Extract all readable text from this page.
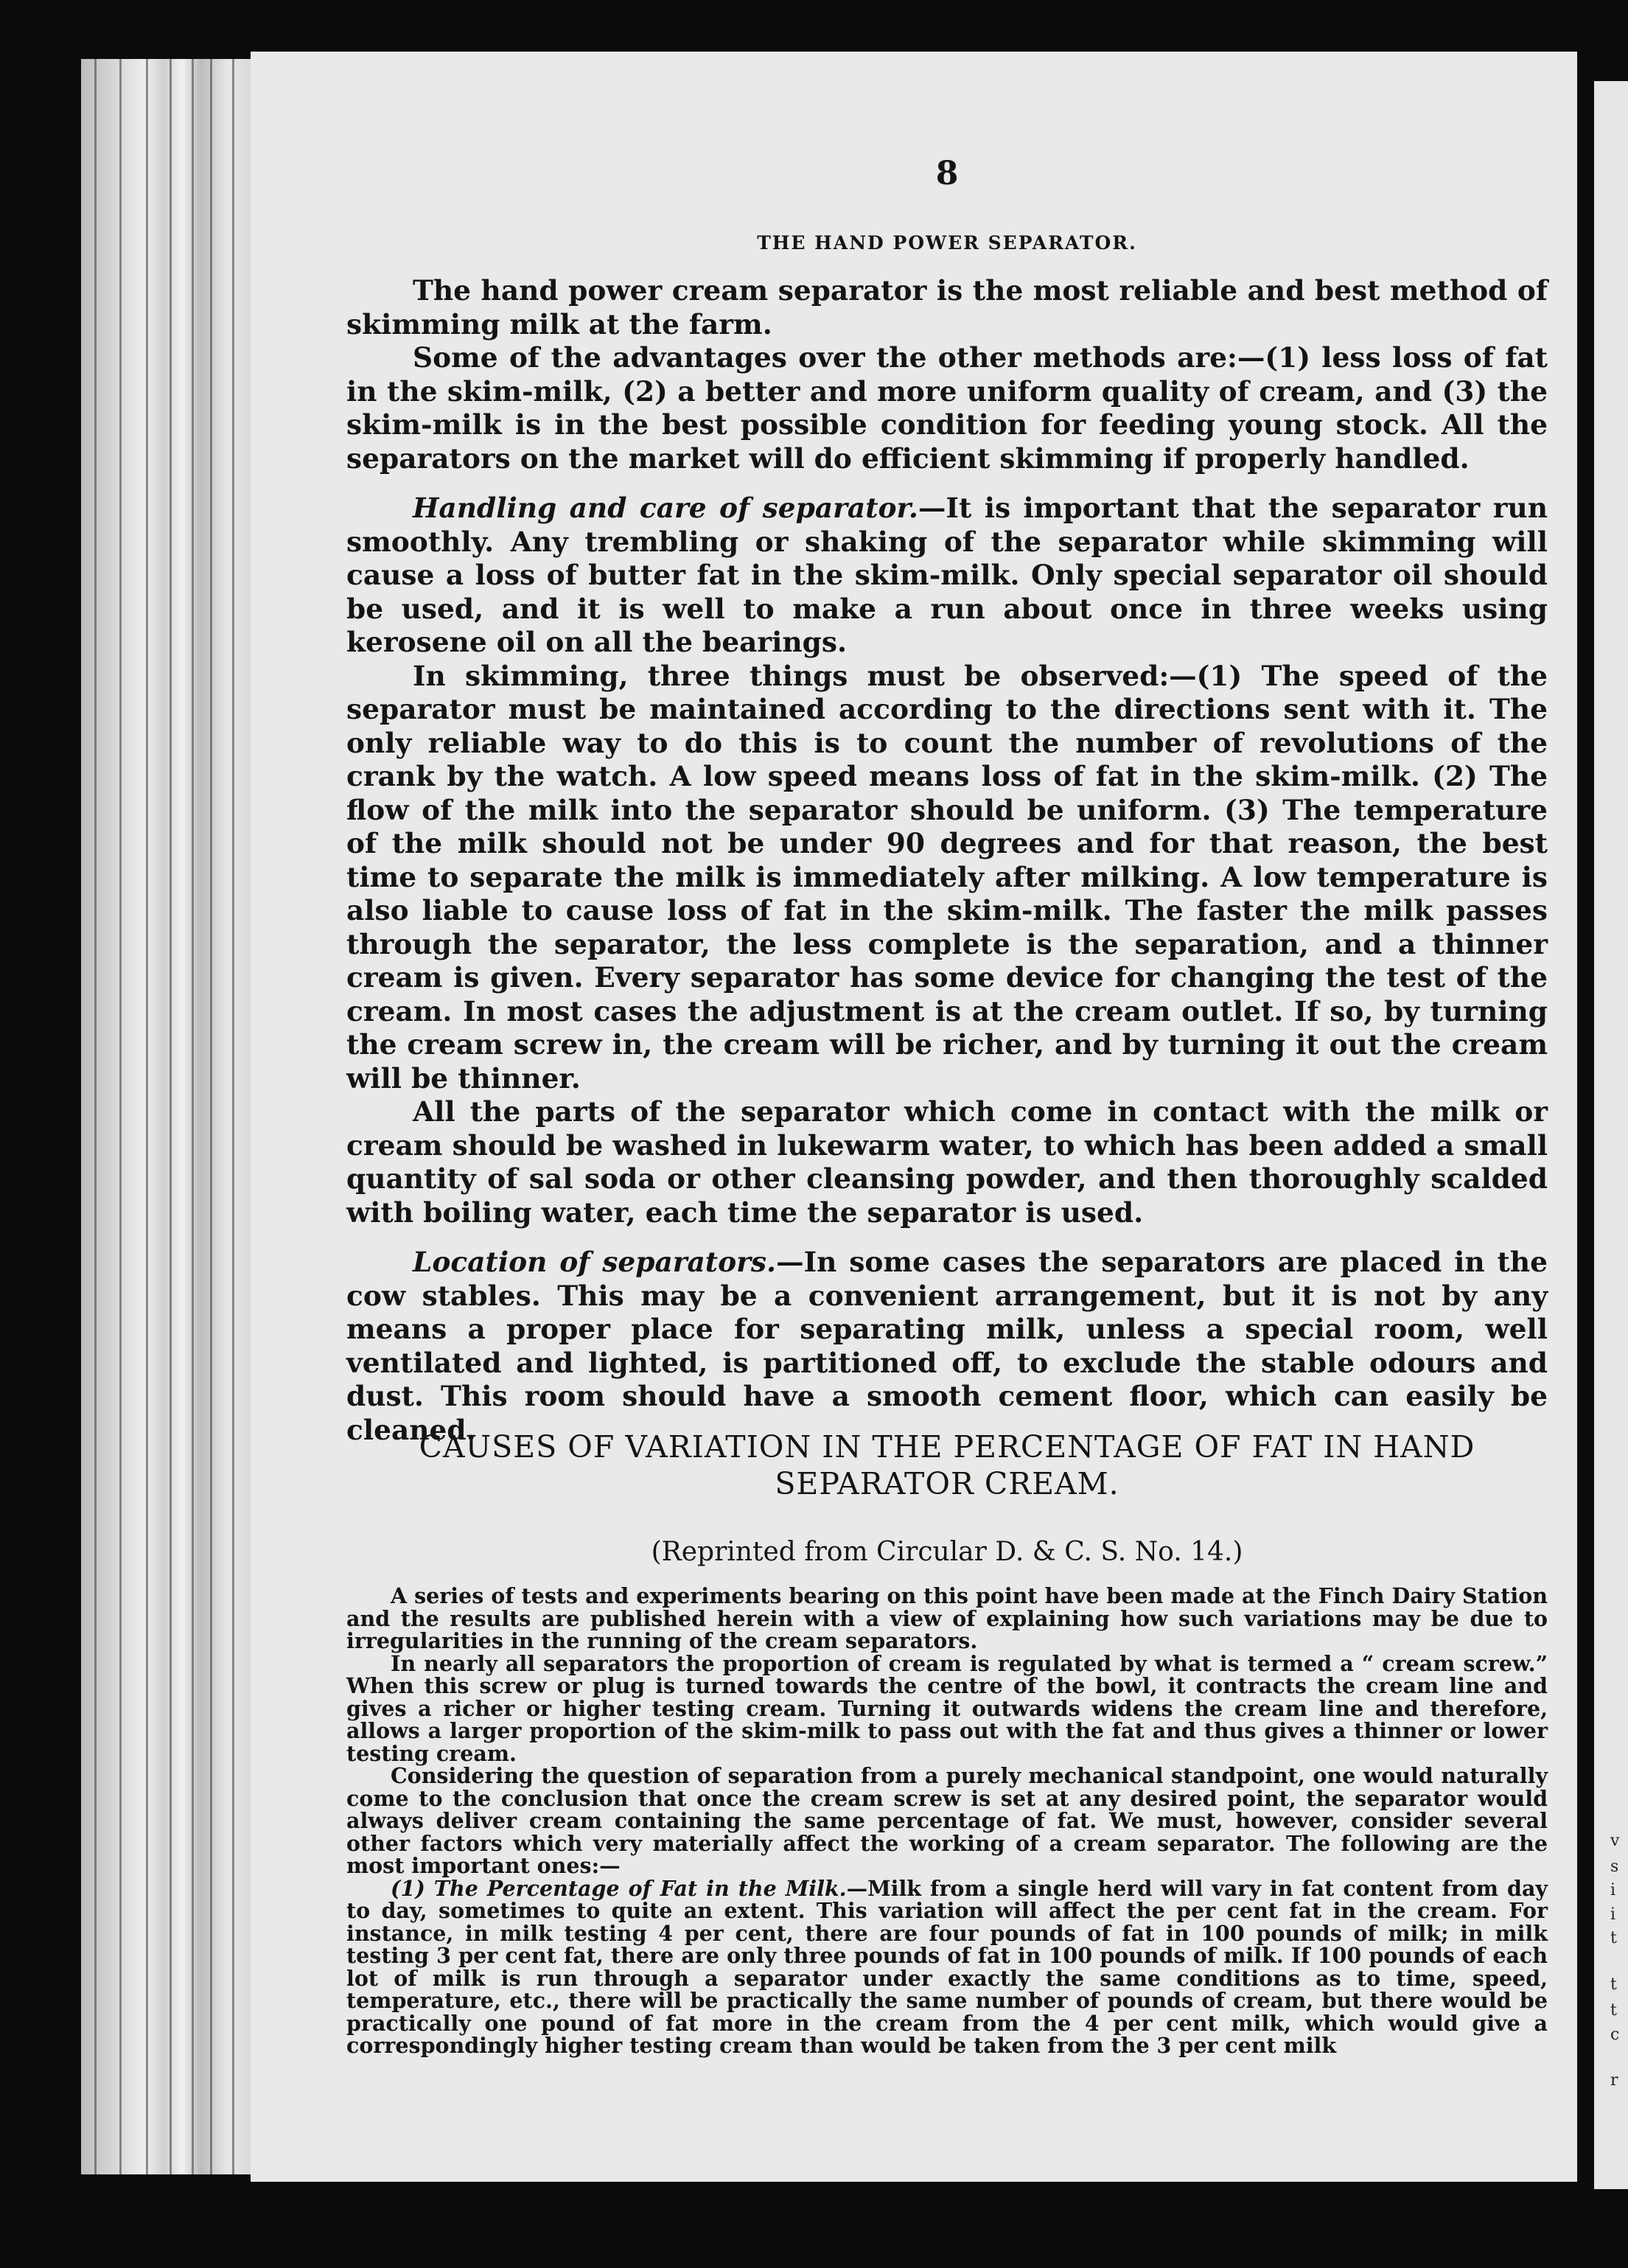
v
s
i
i
t
t
t
c
r
8
THE HAND POWER SEPARATOR.

The hand power cream separator is the most reliable and best method of skimming milk at the farm.

Some of the advantages over the other methods are:—(1) less loss of fat in the skim-milk, (2) a better and more uniform quality of cream, and (3) the skim-milk is in the best possible condition for feeding young stock. All the separators on the market will do efficient skimming if properly handled.

Handling and care of separator.—It is important that the separator run smoothly. Any trembling or shaking of the separator while skimming will cause a loss of butter fat in the skim-milk. Only special separator oil should be used, and it is well to make a run about once in three weeks using kerosene oil on all the bearings.

In skimming, three things must be observed:—(1) The speed of the separator must be maintained according to the directions sent with it. The only reliable way to do this is to count the number of revolutions of the crank by the watch. A low speed means loss of fat in the skim-milk. (2) The flow of the milk into the separator should be uniform. (3) The temperature of the milk should not be under 90 degrees and for that reason, the best time to separate the milk is immediately after milking. A low temperature is also liable to cause loss of fat in the skim-milk. The faster the milk passes through the separator, the less complete is the separation, and a thinner cream is given. Every separator has some device for changing the test of the cream. In most cases the adjustment is at the cream outlet. If so, by turning the cream screw in, the cream will be richer, and by turning it out the cream will be thinner.

All the parts of the separator which come in contact with the milk or cream should be washed in lukewarm water, to which has been added a small quantity of sal soda or other cleansing powder, and then thoroughly scalded with boiling water, each time the separator is used.

Location of separators.—In some cases the separators are placed in the cow stables. This may be a convenient arrangement, but it is not by any means a proper place for separating milk, unless a special room, well ventilated and lighted, is partitioned off, to exclude the stable odours and dust. This room should have a smooth cement floor, which can easily be cleaned.

CAUSES OF VARIATION IN THE PERCENTAGE OF FAT IN HAND SEPARATOR CREAM.
(Reprinted from Circular D. & C. S. No. 14.)

A series of tests and experiments bearing on this point have been made at the Finch Dairy Station and the results are published herein with a view of explaining how such variations may be due to irregularities in the running of the cream separators.

In nearly all separators the proportion of cream is regulated by what is termed a “ cream screw.” When this screw or plug is turned towards the centre of the bowl, it contracts the cream line and gives a richer or higher testing cream. Turning it outwards widens the cream line and therefore, allows a larger proportion of the skim-milk to pass out with the fat and thus gives a thinner or lower testing cream.

Considering the question of separation from a purely mechanical standpoint, one would naturally come to the conclusion that once the cream screw is set at any desired point, the separator would always deliver cream containing the same percentage of fat. We must, however, consider several other factors which very materially affect the working of a cream separator. The following are the most important ones:—

(1) The Percentage of Fat in the Milk.—Milk from a single herd will vary in fat content from day to day, sometimes to quite an extent. This variation will affect the per cent fat in the cream. For instance, in milk testing 4 per cent, there are four pounds of fat in 100 pounds of milk; in milk testing 3 per cent fat, there are only three pounds of fat in 100 pounds of milk. If 100 pounds of each lot of milk is run through a separator under exactly the same conditions as to time, speed, temperature, etc., there will be practically the same number of pounds of cream, but there would be practically one pound of fat more in the cream from the 4 per cent milk, which would give a correspondingly higher testing cream than would be taken from the 3 per cent milk
